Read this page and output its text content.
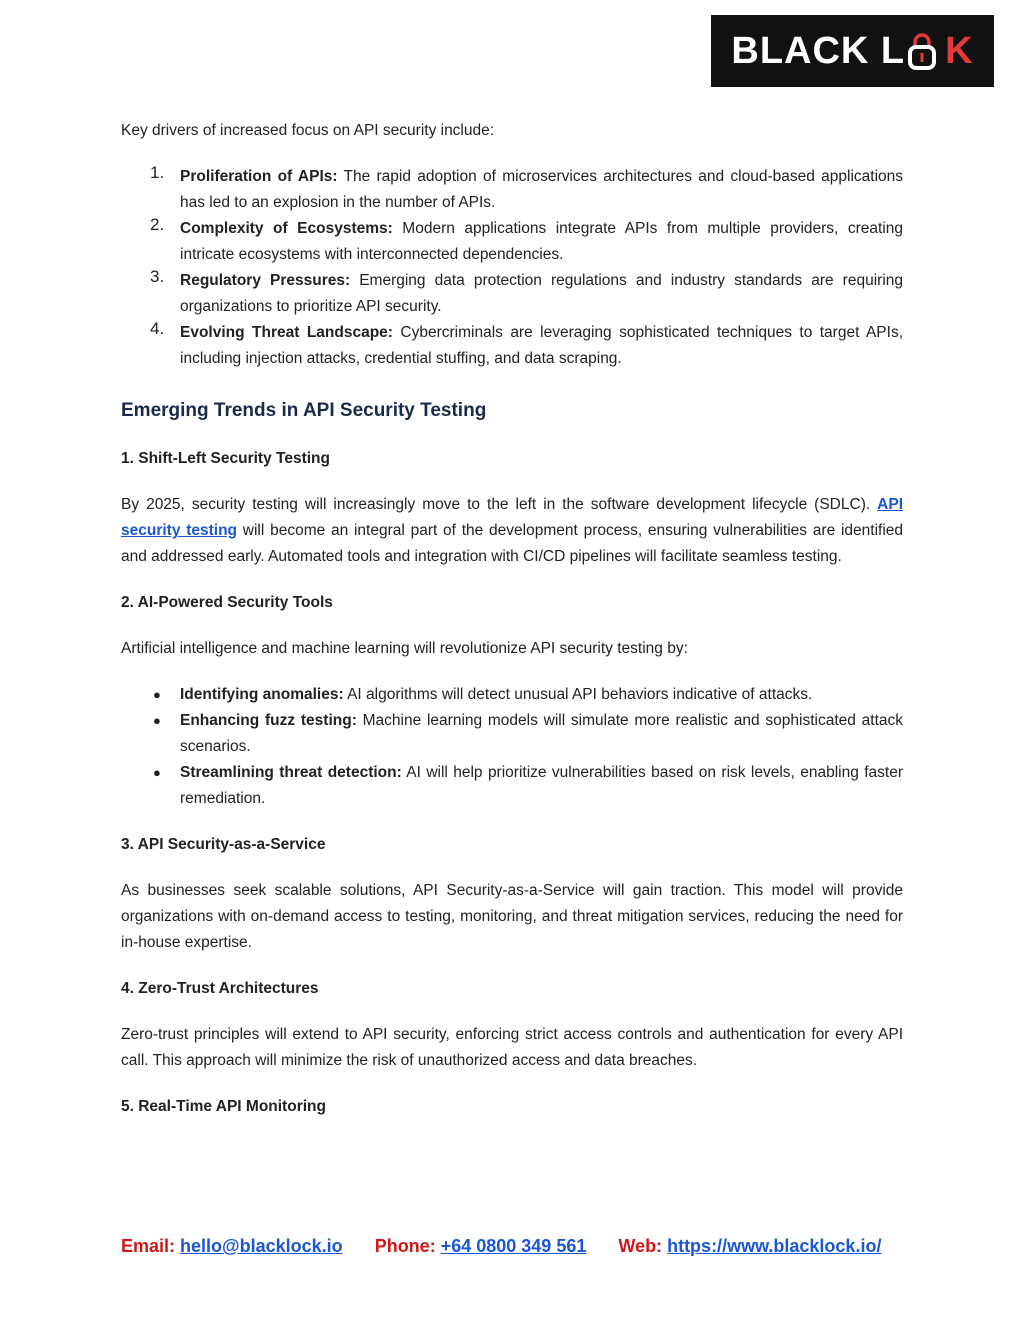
BLACK L K

Key drivers of increased focus on API security include:

1. Proliferation of APIs: The rapid adoption of microservices architectures and cloud-based applications has led to an explosion in the number of APIs.
2. Complexity of Ecosystems: Modern applications integrate APIs from multiple providers, creating intricate ecosystems with interconnected dependencies.
3. Regulatory Pressures: Emerging data protection regulations and industry standards are requiring organizations to prioritize API security.
4. Evolving Threat Landscape: Cybercriminals are leveraging sophisticated techniques to target APIs, including injection attacks, credential stuffing, and data scraping.
Emerging Trends in API Security Testing
1. Shift-Left Security Testing

By 2025, security testing will increasingly move to the left in the software development lifecycle (SDLC). API security testing will become an integral part of the development process, ensuring vulnerabilities are identified and addressed early. Automated tools and integration with CI/CD pipelines will facilitate seamless testing.

2. AI-Powered Security Tools

Artificial intelligence and machine learning will revolutionize API security testing by:

● Identifying anomalies: AI algorithms will detect unusual API behaviors indicative of attacks.
● Enhancing fuzz testing: Machine learning models will simulate more realistic and sophisticated attack scenarios.
● Streamlining threat detection: AI will help prioritize vulnerabilities based on risk levels, enabling faster remediation.
3. API Security-as-a-Service

As businesses seek scalable solutions, API Security-as-a-Service will gain traction. This model will provide organizations with on-demand access to testing, monitoring, and threat mitigation services, reducing the need for in-house expertise.

4. Zero-Trust Architectures

Zero-trust principles will extend to API security, enforcing strict access controls and authentication for every API call. This approach will minimize the risk of unauthorized access and data breaches.

5. Real-Time API Monitoring
Email: hello@blacklock.io Phone: +64 0800 349 561 Web: https://www.blacklock.io/
